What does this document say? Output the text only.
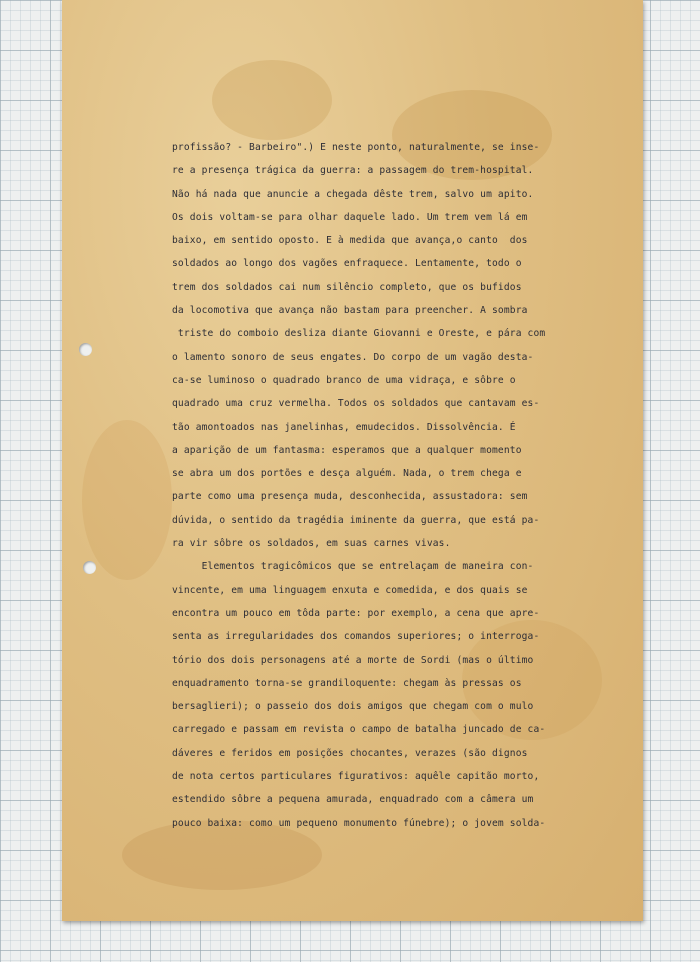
profissão? - Barbeiro".) E neste ponto, naturalmente, se inse-
re a presença trágica da guerra: a passagem do trem-hospital.
Não há nada que anuncie a chegada dêste trem, salvo um apito.
Os dois voltam-se para olhar daquele lado. Um trem vem lá em
baixo, em sentido oposto. E à medida que avança,o canto  dos
soldados ao longo dos vagões enfraquece. Lentamente, todo o
trem dos soldados cai num silêncio completo, que os bufidos
da locomotiva que avança não bastam para preencher. A sombra
triste do comboio desliza diante Giovanni e Oreste, e pára com
o lamento sonoro de seus engates. Do corpo de um vagão desta-
ca-se luminoso o quadrado branco de uma vidraça, e sôbre o
quadrado uma cruz vermelha. Todos os soldados que cantavam es-
tão amontoados nas janelinhas, emudecidos. Dissolvência. É
a aparição de um fantasma: esperamos que a qualquer momento
se abra um dos portões e desça alguém. Nada, o trem chega e
parte como uma presença muda, desconhecida, assustadora: sem
dúvida, o sentido da tragédia iminente da guerra, que está pa-
ra vir sôbre os soldados, em suas carnes vivas.
Elementos tragicômicos que se entrelaçam de maneira con-
vincente, em uma linguagem enxuta e comedida, e dos quais se
encontra um pouco em tôda parte: por exemplo, a cena que apre-
senta as irregularidades dos comandos superiores; o interroga-
tório dos dois personagens até a morte de Sordi (mas o último
enquadramento torna-se grandiloquente: chegam às pressas os
bersaglieri); o passeio dos dois amigos que chegam com o mulo
carregado e passam em revista o campo de batalha juncado de ca-
dáveres e feridos em posições chocantes, verazes (são dignos
de nota certos particulares figurativos: aquêle capitão morto,
estendido sôbre a pequena amurada, enquadrado com a câmera um
pouco baixa: como um pequeno monumento fúnebre); o jovem solda-
